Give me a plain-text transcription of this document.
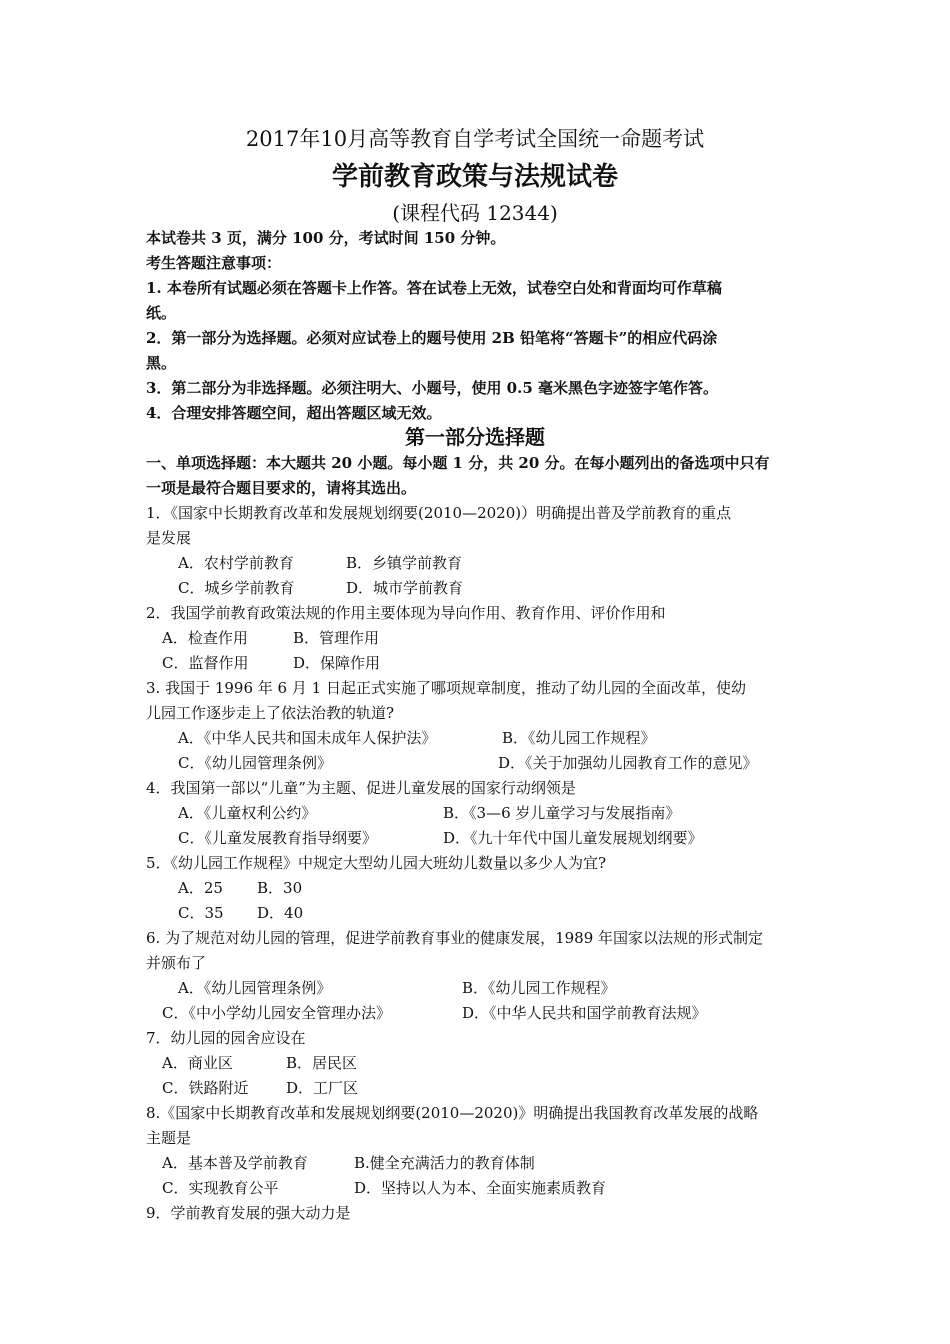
2017年10月高等教育自学考试全国统一命题考试
学前教育政策与法规试卷
(课程代码 12344)
本试卷共 3 页，满分 100 分，考试时间 150 分钟。
考生答题注意事项：
1. 本卷所有试题必须在答题卡上作答。答在试卷上无效，试卷空白处和背面均可作草稿
纸。
2．第一部分为选择题。必须对应试卷上的题号使用 2B 铅笔将“答题卡”的相应代码涂
黑。
3．第二部分为非选择题。必须注明大、小题号，使用 0.5 毫米黑色字迹签字笔作答。
4．合理安排答题空间，超出答题区域无效。
第一部分选择题
一、单项选择题：本大题共 20 小题。每小题 1 分，共 20 分。在每小题列出的备选项中只有
一项是最符合题目要求的，请将其选出。
1．《国家中长期教育改革和发展规划纲要(2010—2020)）明确提出普及学前教育的重点
是发展
A．农村学前教育	B．乡镇学前教育
C．城乡学前教育	D．城市学前教育
2．我国学前教育政策法规的作用主要体现为导向作用、教育作用、评价作用和
A．检查作用	B．管理作用
C．监督作用	D．保障作用
3. 我国于 1996 年 6 月 1 日起正式实施了哪项规章制度，推动了幼儿园的全面改革，使幼
儿园工作逐步走上了依法治教的轨道?
A．《中华人民共和国未成年人保护法》	B．《幼儿园工作规程》
C．《幼儿园管理条例》	D．《关于加强幼儿园教育工作的意见》
4．我国第一部以“儿童”为主题、促进儿童发展的国家行动纲领是
A．《儿童权利公约》	B．《3—6 岁儿童学习与发展指南》
C．《儿童发展教育指导纲要》	D．《九十年代中国儿童发展规划纲要》
5．《幼儿园工作规程》中规定大型幼儿园大班幼儿数量以多少人为宜?
A．25 B．30
C．35 D．40
6. 为了规范对幼儿园的管理，促进学前教育事业的健康发展，1989 年国家以法规的形式制定
并颁布了
A．《幼儿园管理条例》	B．《幼儿园工作规程》
C．《中小学幼儿园安全管理办法》	D．《中华人民共和国学前教育法规》
7．幼儿园的园舍应设在
A．商业区	B．居民区
C．铁路附近	D．工厂区
8.《国家中长期教育改革和发展规划纲要(2010—2020)》明确提出我国教育改革发展的战略
主题是
A．基本普及学前教育	B.健全充满活力的教育体制
C．实现教育公平	D．坚持以人为本、全面实施素质教育
9．学前教育发展的强大动力是
